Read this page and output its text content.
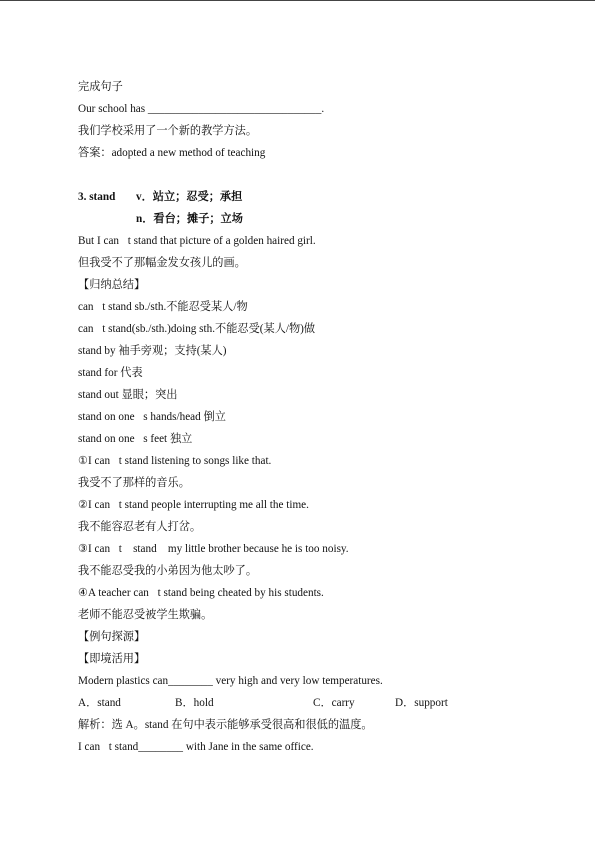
完成句子
Our school has _______________________________.
我们学校采用了一个新的教学方法。
答案：adopted a new method of teaching
3. stand	v．站立；忍受；承担
n．看台；摊子；立场
But I can t stand that picture of a golden haired girl.
但我受不了那幅金发女孩儿的画。
【归纳总结】
can t stand sb./sth.不能忍受某人/物
can t stand(sb./sth.)doing sth.不能忍受(某人/物)做  
stand by 袖手旁观；支持(某人)
stand for 代表
stand out 显眼；突出
stand on one s hands/head 倒立
stand on one s feet 独立
①I can t stand listening to songs like that.
我受不了那样的音乐。
②I can t stand people interrupting me all the time.
我不能容忍老有人打岔。
③I can t    stand    my little brother because he is too noisy.
我不能忍受我的小弟因为他太吵了。
④A teacher can t stand being cheated by his students.
老师不能忍受被学生欺骗。
【例句探源】
【即境活用】
Modern plastics can________ very high and very low temperatures.
A．stand	B．hold	C．carry	D．support
解析：选 A。stand 在句中表示能够承受很高和很低的温度。
I can t stand________ with Jane in the same office.
